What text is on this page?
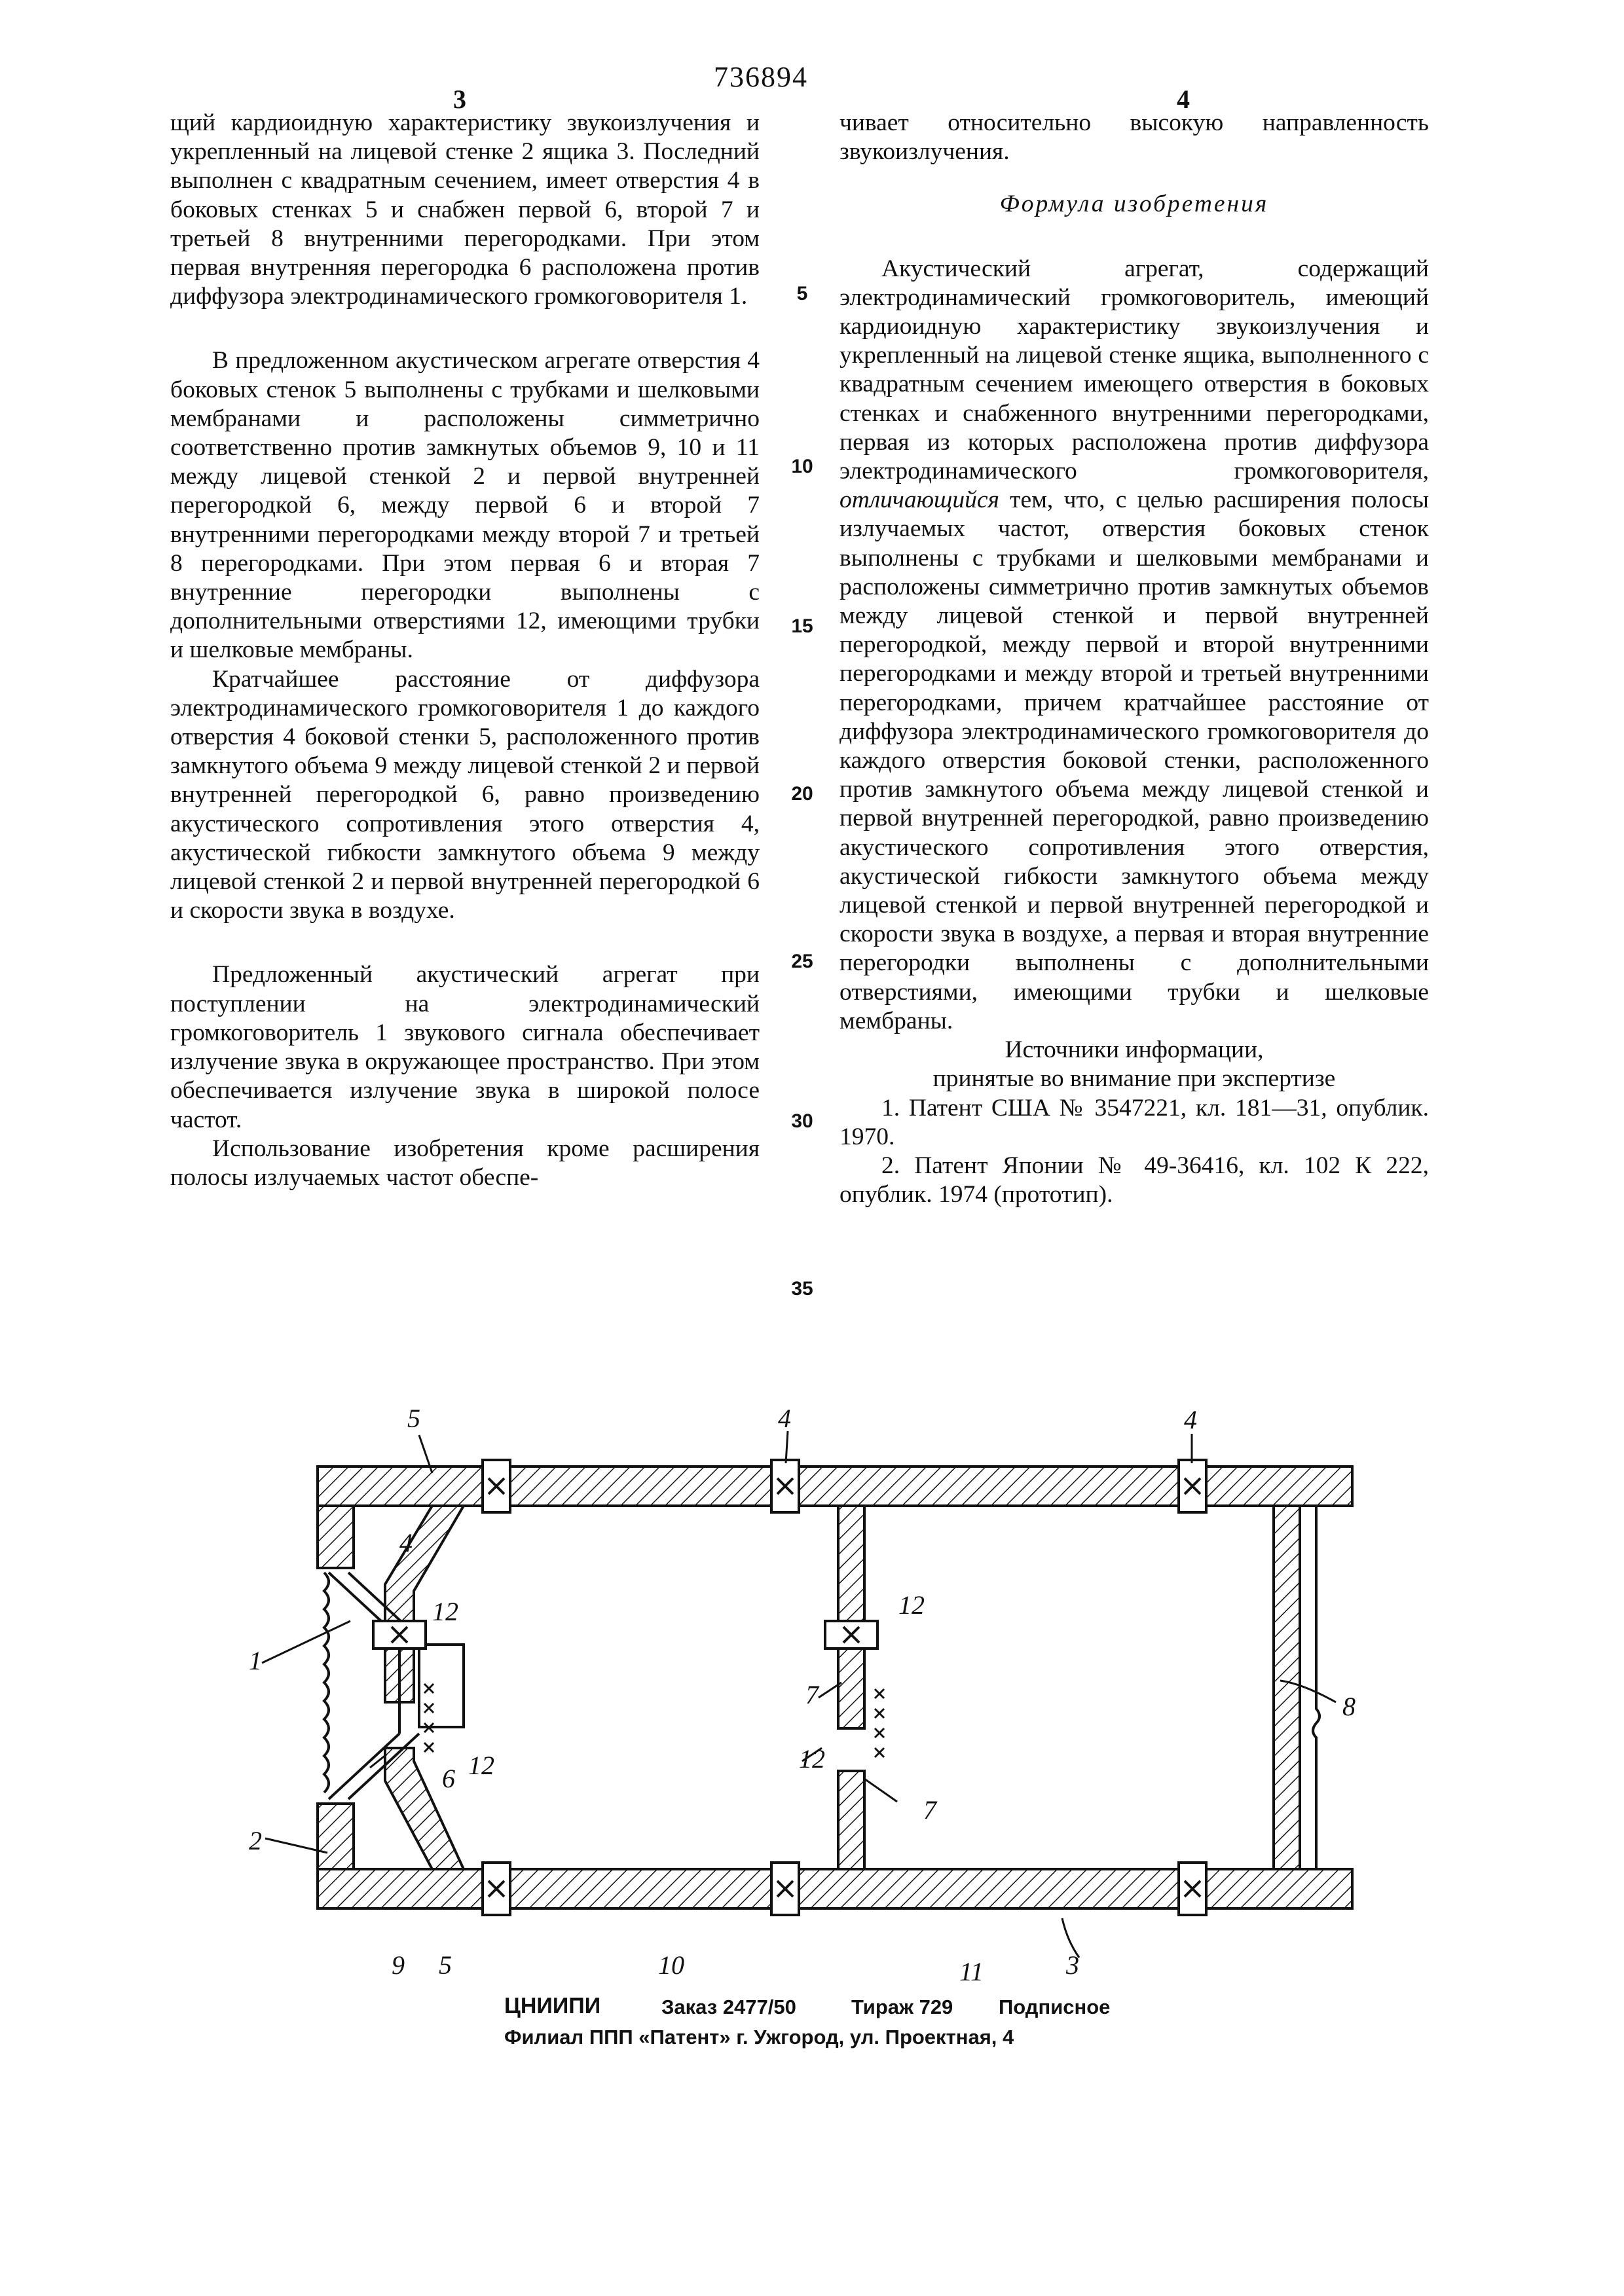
736894
3	4

щий кардиоидную характеристику звукоизлучения и укрепленный на лицевой стенке 2 ящика 3. Последний выполнен с квадратным сечением, имеет отверстия 4 в боковых стенках 5 и снабжен первой 6, второй 7 и третьей 8 внутренними перегородками. При этом первая внутренняя перегородка 6 расположена против диффузора электродинамического громкоговорителя 1.

В предложенном акустическом агрегате отверстия 4 боковых стенок 5 выполнены с трубками и шелковыми мембранами и расположены симметрично соответственно против замкнутых объемов 9, 10 и 11 между лицевой стенкой 2 и первой внутренней перегородкой 6, между первой 6 и второй 7 внутренними перегородками между второй 7 и третьей 8 перегородками. При этом первая 6 и вторая 7 внутренние перегородки выполнены с дополнительными отверстиями 12, имеющими трубки и шелковые мембраны.

Кратчайшее расстояние от диффузора электродинамического громкоговорителя 1 до каждого отверстия 4 боковой стенки 5, расположенного против замкнутого объема 9 между лицевой стенкой 2 и первой внутренней перегородкой 6, равно произведению акустического сопротивления этого отверстия 4, акустической гибкости замкнутого объема 9 между лицевой стенкой 2 и первой внутренней перегородкой 6 и скорости звука в воздухе.

Предложенный акустический агрегат при поступлении на электродинамический громкоговоритель 1 звукового сигнала обеспечивает излучение звука в окружающее пространство. При этом обеспечивается излучение звука в широкой полосе частот.

Использование изобретения кроме расширения полосы излучаемых частот обеспе-

5
10
15
20
25
30
35

чивает относительно высокую направленность звукоизлучения.

Формула изобретения

Акустический агрегат, содержащий электродинамический громкоговоритель, имеющий кардиоидную характеристику звукоизлучения и укрепленный на лицевой стенке ящика, выполненного с квадратным сечением имеющего отверстия в боковых стенках и снабженного внутренними перегородками, первая из которых расположена против диффузора электродинамического громкоговорителя, отличающийся тем, что, с целью расширения полосы излучаемых частот, отверстия боковых стенок выполнены с трубками и шелковыми мембранами и расположены симметрично против замкнутых объемов между лицевой стенкой и первой внутренней перегородкой, между первой и второй внутренними перегородками и между второй и третьей внутренними перегородками, причем кратчайшее расстояние от диффузора электродинамического громкоговорителя до каждого отверстия боковой стенки, расположенного против замкнутого объема между лицевой стенкой и первой внутренней перегородкой, равно произведению акустического сопротивления этого отверстия, акустической гибкости замкнутого объема между лицевой стенкой и первой внутренней перегородкой и скорости звука в воздухе, а первая и вторая внутренние перегородки выполнены с дополнительными отверстиями, имеющими трубки и шелковые мембраны.

Источники информации,

принятые во внимание при экспертизе

1. Патент США № 3547221, кл. 181—31, опублик. 1970.

2. Патент Японии № 49-36416, кл. 102 К 222, опублик. 1974 (прототип).

5
4
4	4
1
2
12	12
12	12
6
7
7
8
9 5	10	11	3
ЦНИИПИ	Заказ 2477/50	Тираж 729 Подписное
Филиал ППП «Патент» г. Ужгород, ул. Проектная, 4
